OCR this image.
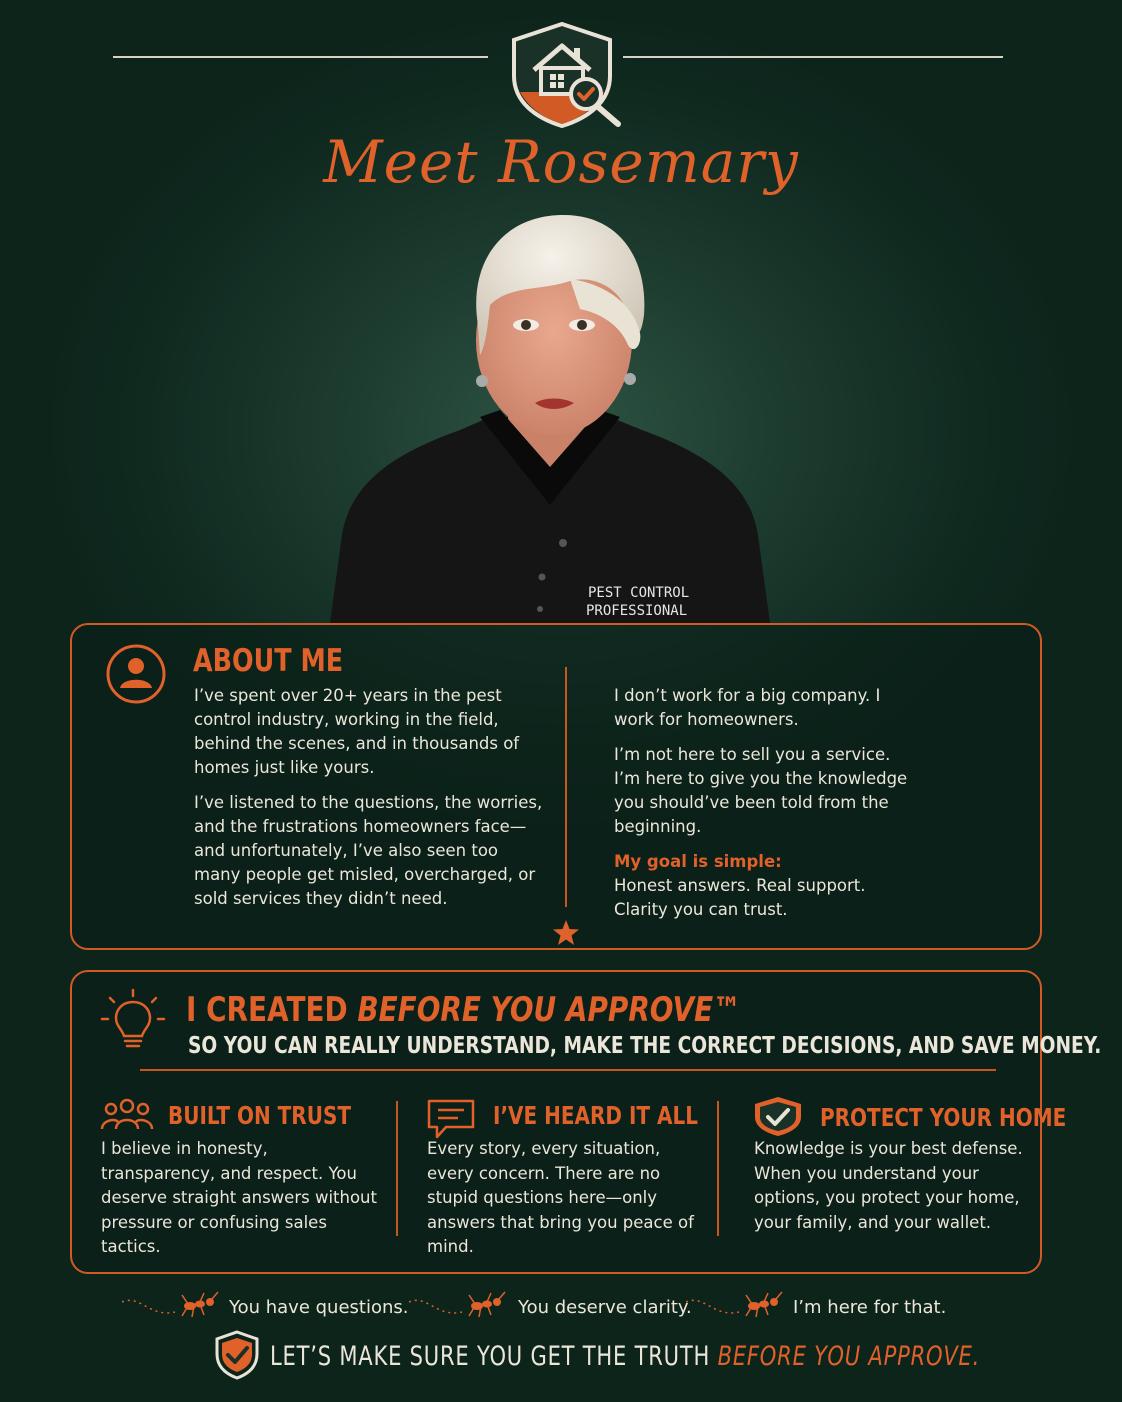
Meet Rosemary
PEST CONTROL
PROFESSIONAL
ABOUT ME

I’ve spent over 20+ years in the pest control industry, working in the field, behind the scenes, and in thousands of homes just like yours.

I’ve listened to the questions, the worries, and the frustrations homeowners face—and unfortunately, I’ve also seen too many people get misled, overcharged, or sold services they didn’t need.

I don’t work for a big company. I work for homeowners.

I’m not here to sell you a service. I’m here to give you the knowledge you should’ve been told from the beginning.

My goal is simple:
Honest answers. Real support. Clarity you can trust.
I CREATED BEFORE YOU APPROVE™
SO YOU CAN REALLY UNDERSTAND, MAKE THE CORRECT DECISIONS, AND SAVE MONEY.
BUILT ON TRUST
I believe in honesty, transparency, and respect. You deserve straight answers without pressure or confusing sales tactics.
I’VE HEARD IT ALL
Every story, every situation, every concern. There are no stupid questions here—only answers that bring you peace of mind.
PROTECT YOUR HOME
Knowledge is your best defense. When you understand your options, you protect your home, your family, and your wallet.
You have questions.	You deserve clarity.	I’m here for that.
LET’S MAKE SURE YOU GET THE TRUTH BEFORE YOU APPROVE.
